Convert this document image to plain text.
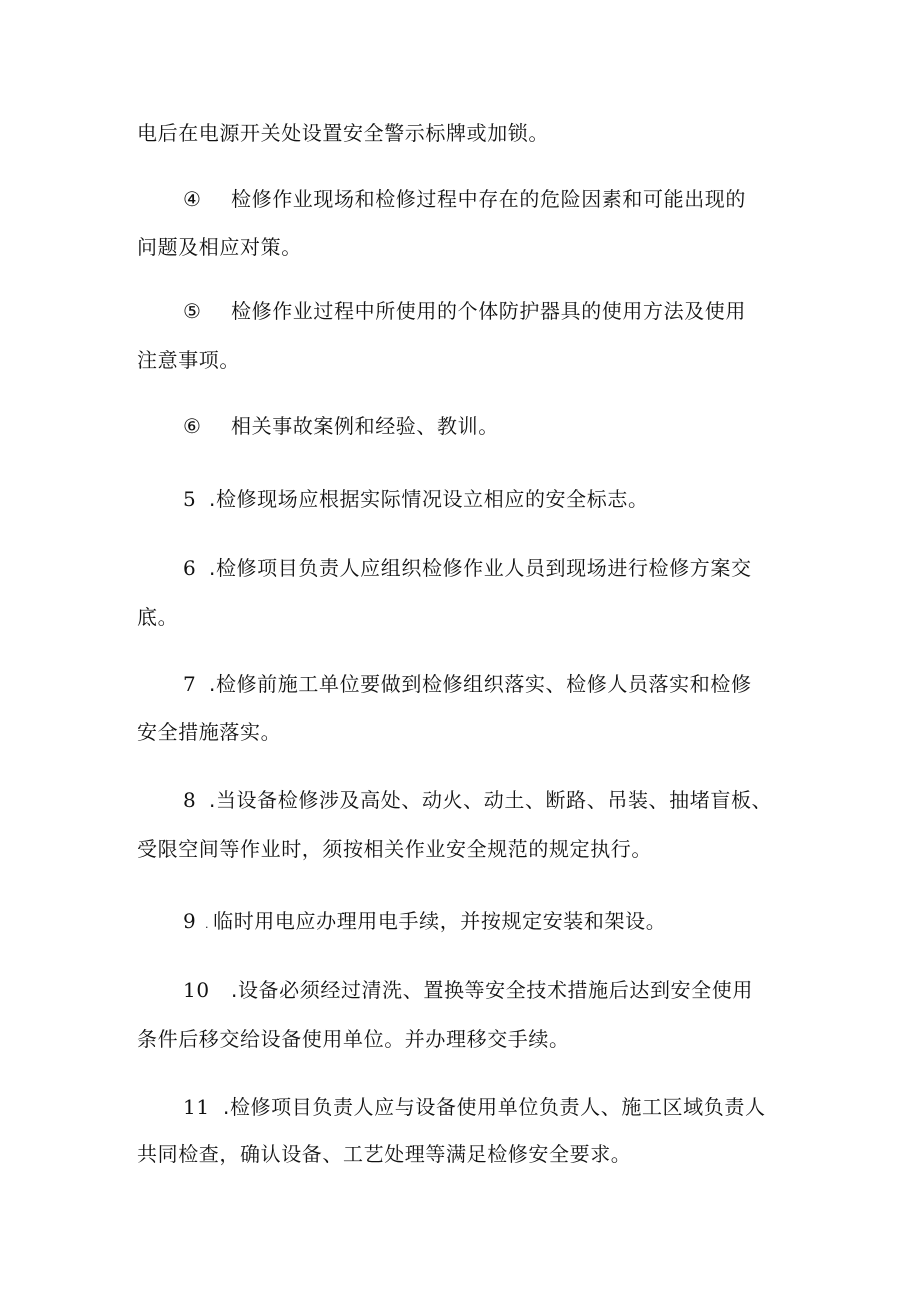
电后在电源开关处设置安全警示标牌或加锁。
④ 检修作业现场和检修过程中存在的危险因素和可能出现的
问题及相应对策。
⑤ 检修作业过程中所使用的个体防护器具的使用方法及使用
注意事项。
⑥ 相关事故案例和经验、教训。
5 .检修现场应根据实际情况设立相应的安全标志。
6 .检修项目负责人应组织检修作业人员到现场进行检修方案交
底。
7 .检修前施工单位要做到检修组织落实、检修人员落实和检修
安全措施落实。
8 .当设备检修涉及高处、动火、动土、断路、吊装、抽堵盲板、
受限空间等作业时，须按相关作业安全规范的规定执行。
9 . 临时用电应办理用电手续，并按规定安装和架设。
10 .设备必须经过清洗、置换等安全技术措施后达到安全使用
条件后移交给设备使用单位。并办理移交手续。
11 .检修项目负责人应与设备使用单位负责人、施工区域负责人
共同检查，确认设备、工艺处理等满足检修安全要求。
